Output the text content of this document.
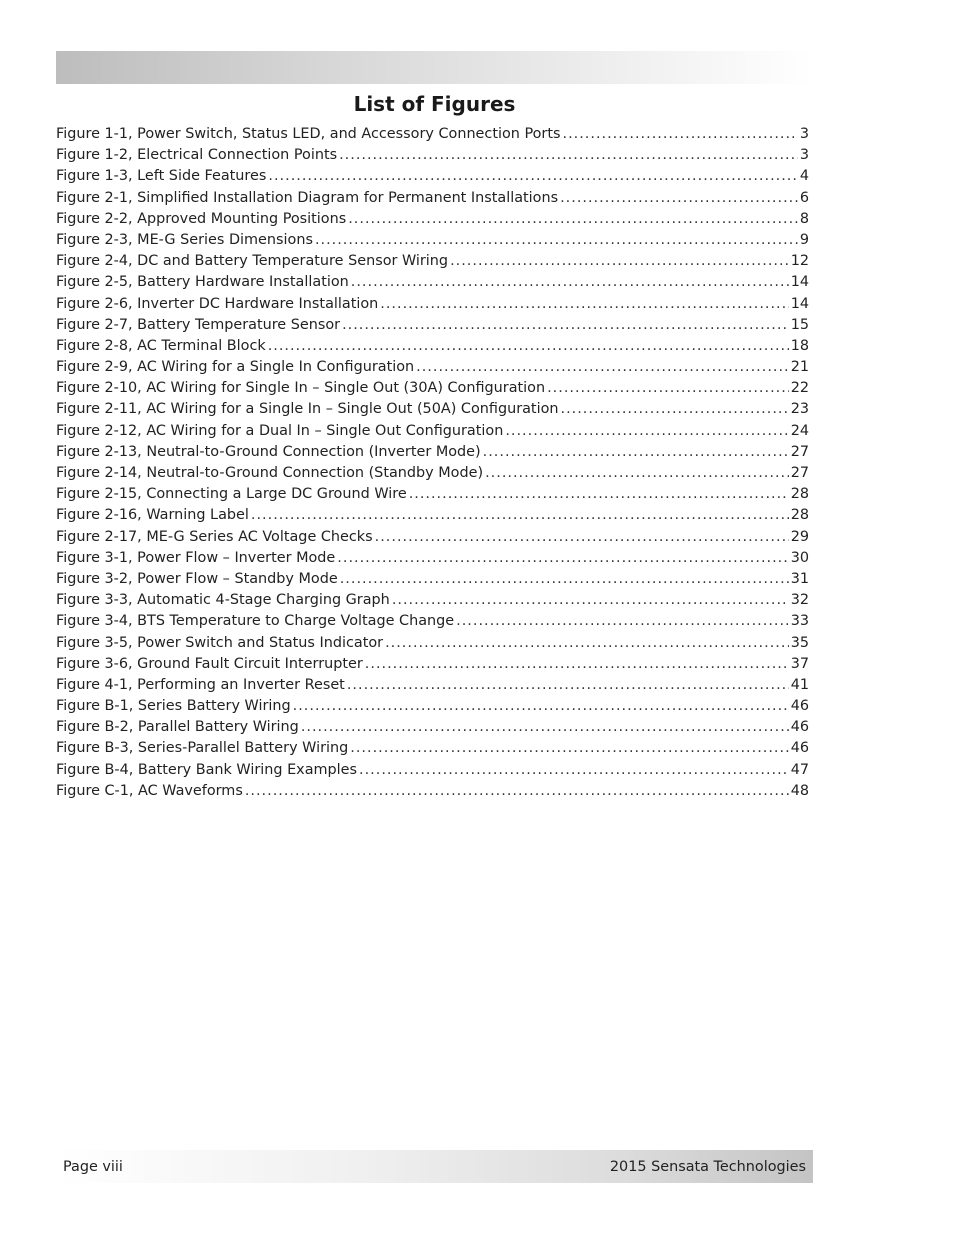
List of Figures
Figure 1-1, Power Switch, Status LED, and Accessory Connection Ports .....	3
Figure 1-2, Electrical Connection Points .....	3
Figure 1-3, Left Side Features .....	4
Figure 2-1, Simplified Installation Diagram for Permanent Installations .....	6
Figure 2-2, Approved Mounting Positions .....	8
Figure 2-3, ME-G Series Dimensions .....	9
Figure 2-4, DC and Battery Temperature Sensor Wiring .....	12
Figure 2-5, Battery Hardware Installation .....	14
Figure 2-6, Inverter DC Hardware Installation .....	14
Figure 2-7, Battery Temperature Sensor .....	15
Figure 2-8, AC Terminal Block .....	18
Figure 2-9, AC Wiring for a Single In Configuration .....	21
Figure 2-10, AC Wiring for Single In – Single Out (30A) Configuration .....	22
Figure 2-11, AC Wiring for a Single In – Single Out (50A) Configuration .....	23
Figure 2-12, AC Wiring for a Dual In – Single Out Configuration .....	24
Figure 2-13, Neutral-to-Ground Connection (Inverter Mode) .....	27
Figure 2-14, Neutral-to-Ground Connection (Standby Mode) .....	27
Figure 2-15, Connecting a Large DC Ground Wire .....	28
Figure 2-16, Warning Label .....	28
Figure 2-17, ME-G Series AC Voltage Checks .....	29
Figure 3-1, Power Flow – Inverter Mode .....	30
Figure 3-2, Power Flow – Standby Mode .....	31
Figure 3-3, Automatic 4-Stage Charging Graph .....	32
Figure 3-4, BTS Temperature to Charge Voltage Change .....	33
Figure 3-5, Power Switch and Status Indicator .....	35
Figure 3-6, Ground Fault Circuit Interrupter .....	37
Figure 4-1, Performing an Inverter Reset .....	41
Figure B-1, Series Battery Wiring .....	46
Figure B-2, Parallel Battery Wiring .....	46
Figure B-3, Series-Parallel Battery Wiring .....	46
Figure B-4, Battery Bank Wiring Examples .....	47
Figure C-1, AC Waveforms .....	48
Page viii	2015 Sensata Technologies
